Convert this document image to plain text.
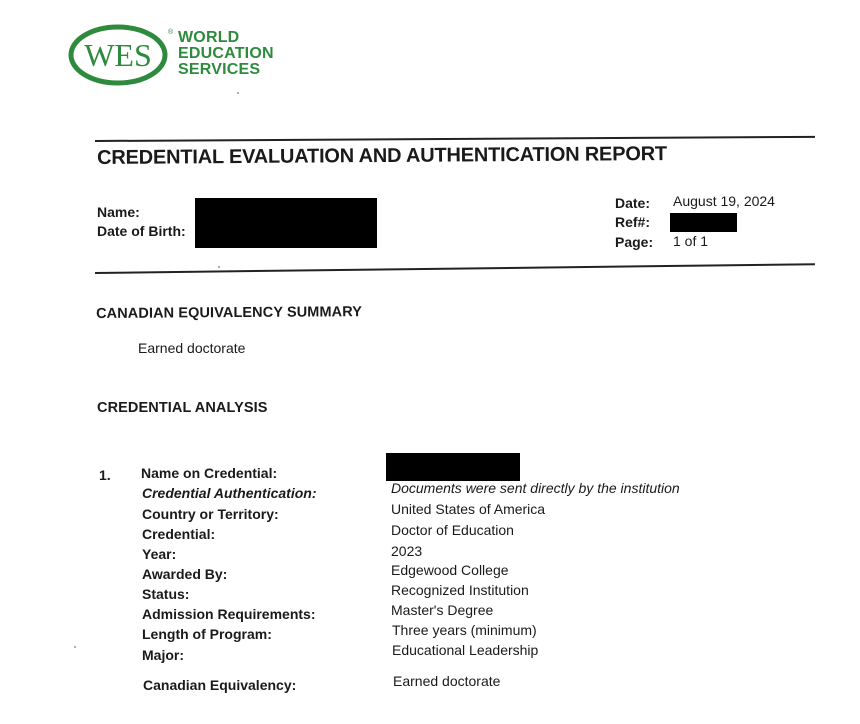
WES
® WORLD
EDUCATION
SERVICES
CREDENTIAL EVALUATION AND AUTHENTICATION REPORT
Name:
Date of Birth:
Date: August 19, 2024
Ref#:
Page: 1 of 1
CANADIAN EQUIVALENCY SUMMARY
Earned doctorate
CREDENTIAL ANALYSIS
1. Name on Credential:
Credential Authentication:	Documents were sent directly by the institution
Country or Territory:	United States of America
Credential:	Doctor of Education
Year:	2023
Awarded By:	Edgewood College
Status:	Recognized Institution
Admission Requirements:	Master's Degree
Length of Program:	Three years (minimum)
Major:	Educational Leadership
Canadian Equivalency:	Earned doctorate
